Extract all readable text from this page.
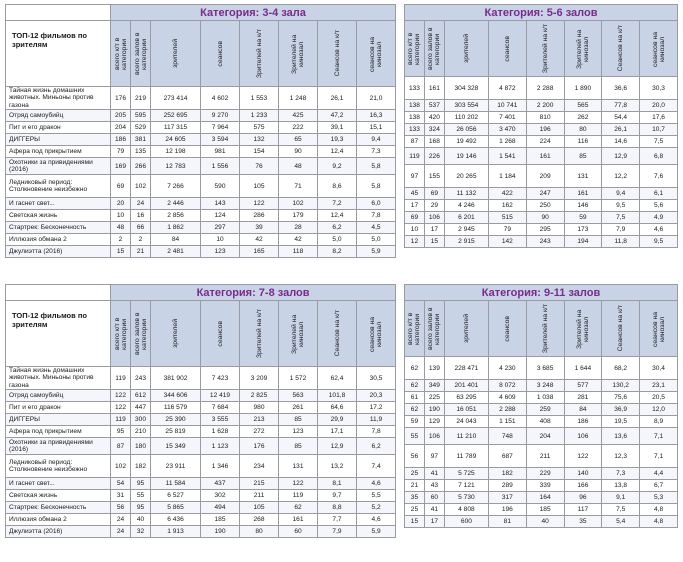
	Категория: 3-4 зала							
ТОП-12 фильмов по зрителям	всего к/т в категории	всего залов в категории	зрителей	сеансов	Зрителей на к/т	Зрителей на кинозал	Сеансов на к/т	сеансов на кинозал

Тайная жизнь домашних животных. Миньоны против газона	176	219	273 414	4 602	1 553	1 248	26,1	21,0
Отряд самоубийц	205	595	252 695	9 270	1 233	425	47,2	16,3
Пит и его дракон	204	529	117 315	7 964	575	222	39,1	15,1
ДИГГЕРЫ	186	381	24 605	3 594	132	65	19,3	9,4
Афера под прикрытием	79	135	12 198	981	154	90	12,4	7,3
Охотники за привидениями (2016)	169	266	12 783	1 556	76	48	9,2	5,8
Ледниковый период: Столкновение неизбежно	69	102	7 266	590	105	71	8,6	5,8
И гаснет свет...	20	24	2 446	143	122	102	7,2	6,0
Светская жизнь	10	16	2 856	124	286	179	12,4	7,8
Стартрек: Бесконечность	48	66	1 862	297	39	28	6,2	4,5
Иллюзия обмана 2	2	2	84	10	42	42	5,0	5,0
Джулиэтта (2016)	15	21	2 481	123	165	118	8,2	5,9
Категория: 5-6 залов							

всего к/т в категории	всего залов в категории	зрителей	сеансов	Зрителей на к/т	Зрителей на кинозал	Сеансов на к/т	сеансов на кинозал

133	161	304 328	4 872	2 288	1 890	36,6	30,3
138	537	303 554	10 741	2 200	565	77,8	20,0
138	420	110 202	7 401	810	262	54,4	17,6
133	324	26 056	3 470	196	80	26,1	10,7
87	168	19 492	1 268	224	116	14,6	7,5
119	226	19 146	1 541	161	85	12,9	6,8
97	155	20 265	1 184	209	131	12,2	7,6
45	69	11 132	422	247	161	9,4	6,1
17	29	4 246	162	250	146	9,5	5,6
69	106	6 201	515	90	59	7,5	4,9
10	17	2 945	79	295	173	7,9	4,6
12	15	2 915	142	243	194	11,8	9,5
	Категория: 7-8 залов							
ТОП-12 фильмов по зрителям	всего к/т в категории	всего залов в категории	зрителей	сеансов	Зрителей на к/т	Зрителей на кинозал	Сеансов на к/т	сеансов на кинозал

Тайная жизнь домашних животных. Миньоны против газона	119	243	381 902	7 423	3 209	1 572	62,4	30,5
Отряд самоубийц	122	612	344 606	12 419	2 825	563	101,8	20,3
Пит и его дракон	122	447	116 579	7 684	980	261	64,6	17,2
ДИГГЕРЫ	119	300	25 390	3 555	213	85	29,9	11,9
Афера под прикрытием	95	210	25 819	1 628	272	123	17,1	7,8
Охотники за привидениями (2016)	87	180	15 349	1 123	176	85	12,9	6,2
Ледниковый период: Столкновение неизбежно	102	182	23 911	1 346	234	131	13,2	7,4
И гаснет свет...	54	95	11 584	437	215	122	8,1	4,6
Светская жизнь	31	55	6 527	302	211	119	9,7	5,5
Стартрек: Бесконечность	56	95	5 865	494	105	62	8,8	5,2
Иллюзия обмана 2	24	40	6 436	185	268	161	7,7	4,6
Джулиэтта (2016)	24	32	1 913	190	80	60	7,9	5,9
Категория: 9-11 залов							

всего к/т в категории	всего залов в категории	зрителей	сеансов	Зрителей на к/т	Зрителей на кинозал	Сеансов на к/т	сеансов на кинозал

62	139	228 471	4 230	3 685	1 644	68,2	30,4
62	349	201 401	8 072	3 248	577	130,2	23,1
61	225	63 295	4 609	1 038	281	75,6	20,5
62	190	16 051	2 288	259	84	36,9	12,0
59	129	24 043	1 151	408	186	19,5	8,9
55	106	11 210	748	204	106	13,6	7,1
56	97	11 789	687	211	122	12,3	7,1
25	41	5 725	182	229	140	7,3	4,4
21	43	7 121	289	339	166	13,8	6,7
35	60	5 730	317	164	96	9,1	5,3
25	41	4 808	196	185	117	7,5	4,8
15	17	600	81	40	35	5,4	4,8
